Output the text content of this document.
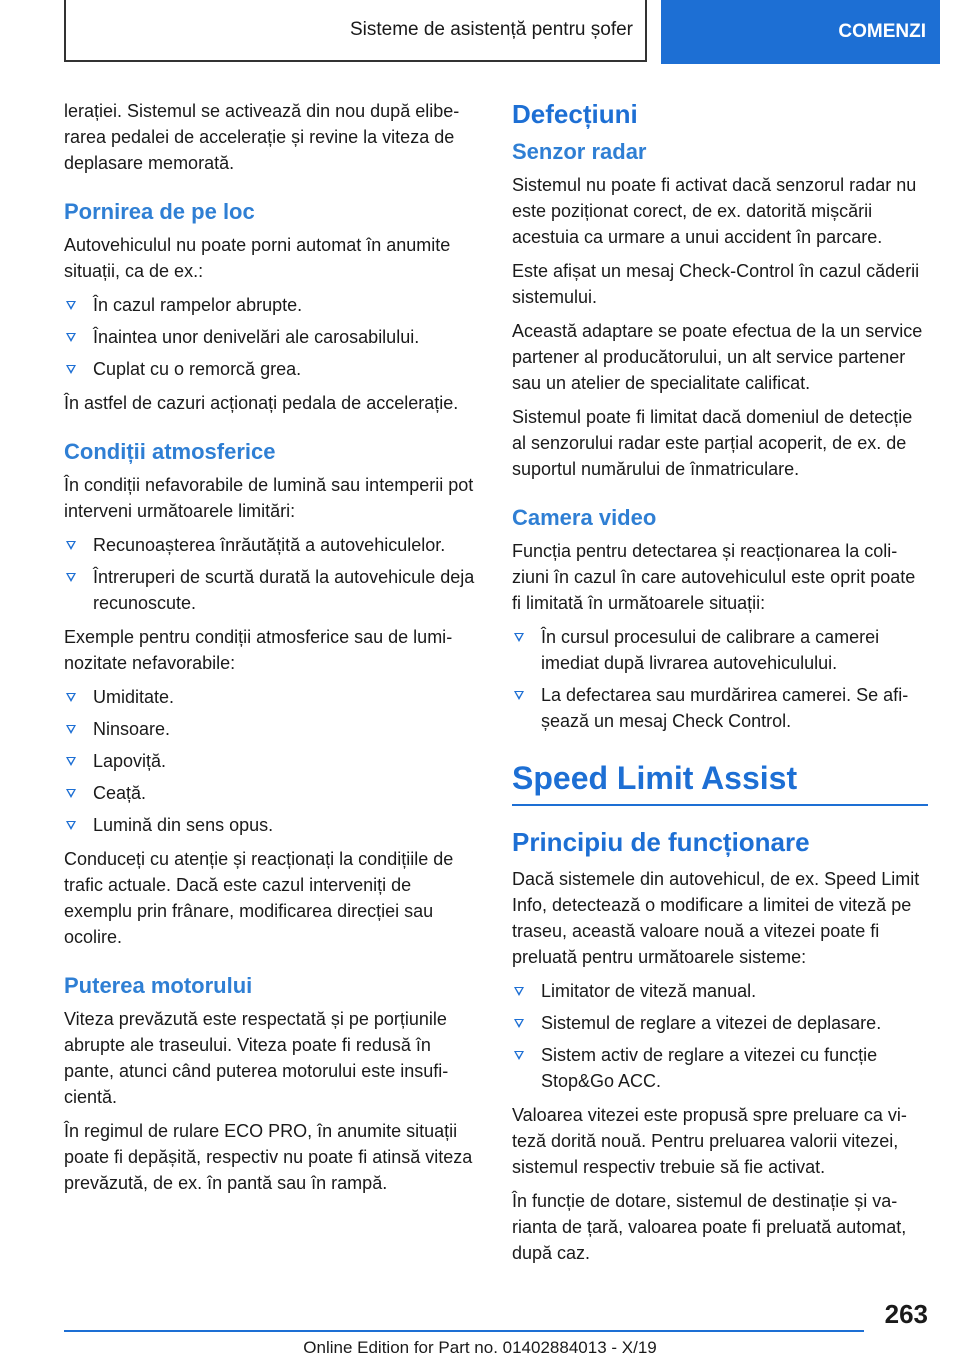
Sisteme de asistență pentru șofer	COMENZI

lerației. Sistemul se activează din nou după eliberarea pedalei de accelerație și revine la viteza de deplasare memorată.

Pornirea de pe loc

Autovehiculul nu poate porni automat în anumite situații, ca de ex.:

În cazul rampelor abrupte.
Înaintea unor denivelări ale carosabilului.
Cuplat cu o remorcă grea.

În astfel de cazuri acționați pedala de accelerație.

Condiții atmosferice

În condiții nefavorabile de lumină sau intemperii pot interveni următoarele limitări:

Recunoașterea înrăutățită a autovehiculelor.
Întreruperi de scurtă durată la autovehicule deja recunoscute.

Exemple pentru condiții atmosferice sau de luminozitate nefavorabile:

Umiditate.
Ninsoare.
Lapoviță.
Ceață.
Lumină din sens opus.

Conduceți cu atenție și reacționați la condițiile de trafic actuale. Dacă este cazul interveniți de exemplu prin frânare, modificarea direcției sau ocolire.

Puterea motorului

Viteza prevăzută este respectată și pe porțiunile abrupte ale traseului. Viteza poate fi redusă în pante, atunci când puterea motorului este insuficientă.

În regimul de rulare ECO PRO, în anumite situații poate fi depășită, respectiv nu poate fi atinsă viteza prevăzută, de ex. în pantă sau în rampă.

Defecțiuni
Senzor radar

Sistemul nu poate fi activat dacă senzorul radar nu este poziționat corect, de ex. datorită mișcării acestuia ca urmare a unui accident în parcare.

Este afișat un mesaj Check-Control în cazul căderii sistemului.

Această adaptare se poate efectua de la un service partener al producătorului, un alt service partener sau un atelier de specialitate calificat.

Sistemul poate fi limitat dacă domeniul de detecție al senzorului radar este parțial acoperit, de ex. de suportul numărului de înmatriculare.

Camera video

Funcția pentru detectarea și reacționarea la coliziuni în cazul în care autovehiculul este oprit poate fi limitată în următoarele situații:

În cursul procesului de calibrare a camerei imediat după livrarea autovehiculului.
La defectarea sau murdărirea camerei. Se afișează un mesaj Check Control.
Speed Limit Assist
Principiu de funcționare

Dacă sistemele din autovehicul, de ex. Speed Limit Info, detectează o modificare a limitei de viteză pe traseu, această valoare nouă a vitezei poate fi preluată pentru următoarele sisteme:

Limitator de viteză manual.
Sistemul de reglare a vitezei de deplasare.
Sistem activ de reglare a vitezei cu funcție Stop&Go ACC.

Valoarea vitezei este propusă spre preluare ca viteză dorită nouă. Pentru preluarea valorii vitezei, sistemul respectiv trebuie să fie activat.

În funcție de dotare, sistemul de destinație și varianta de țară, valoarea poate fi preluată automat, după caz.

263
Online Edition for Part no. 01402884013 - X/19
